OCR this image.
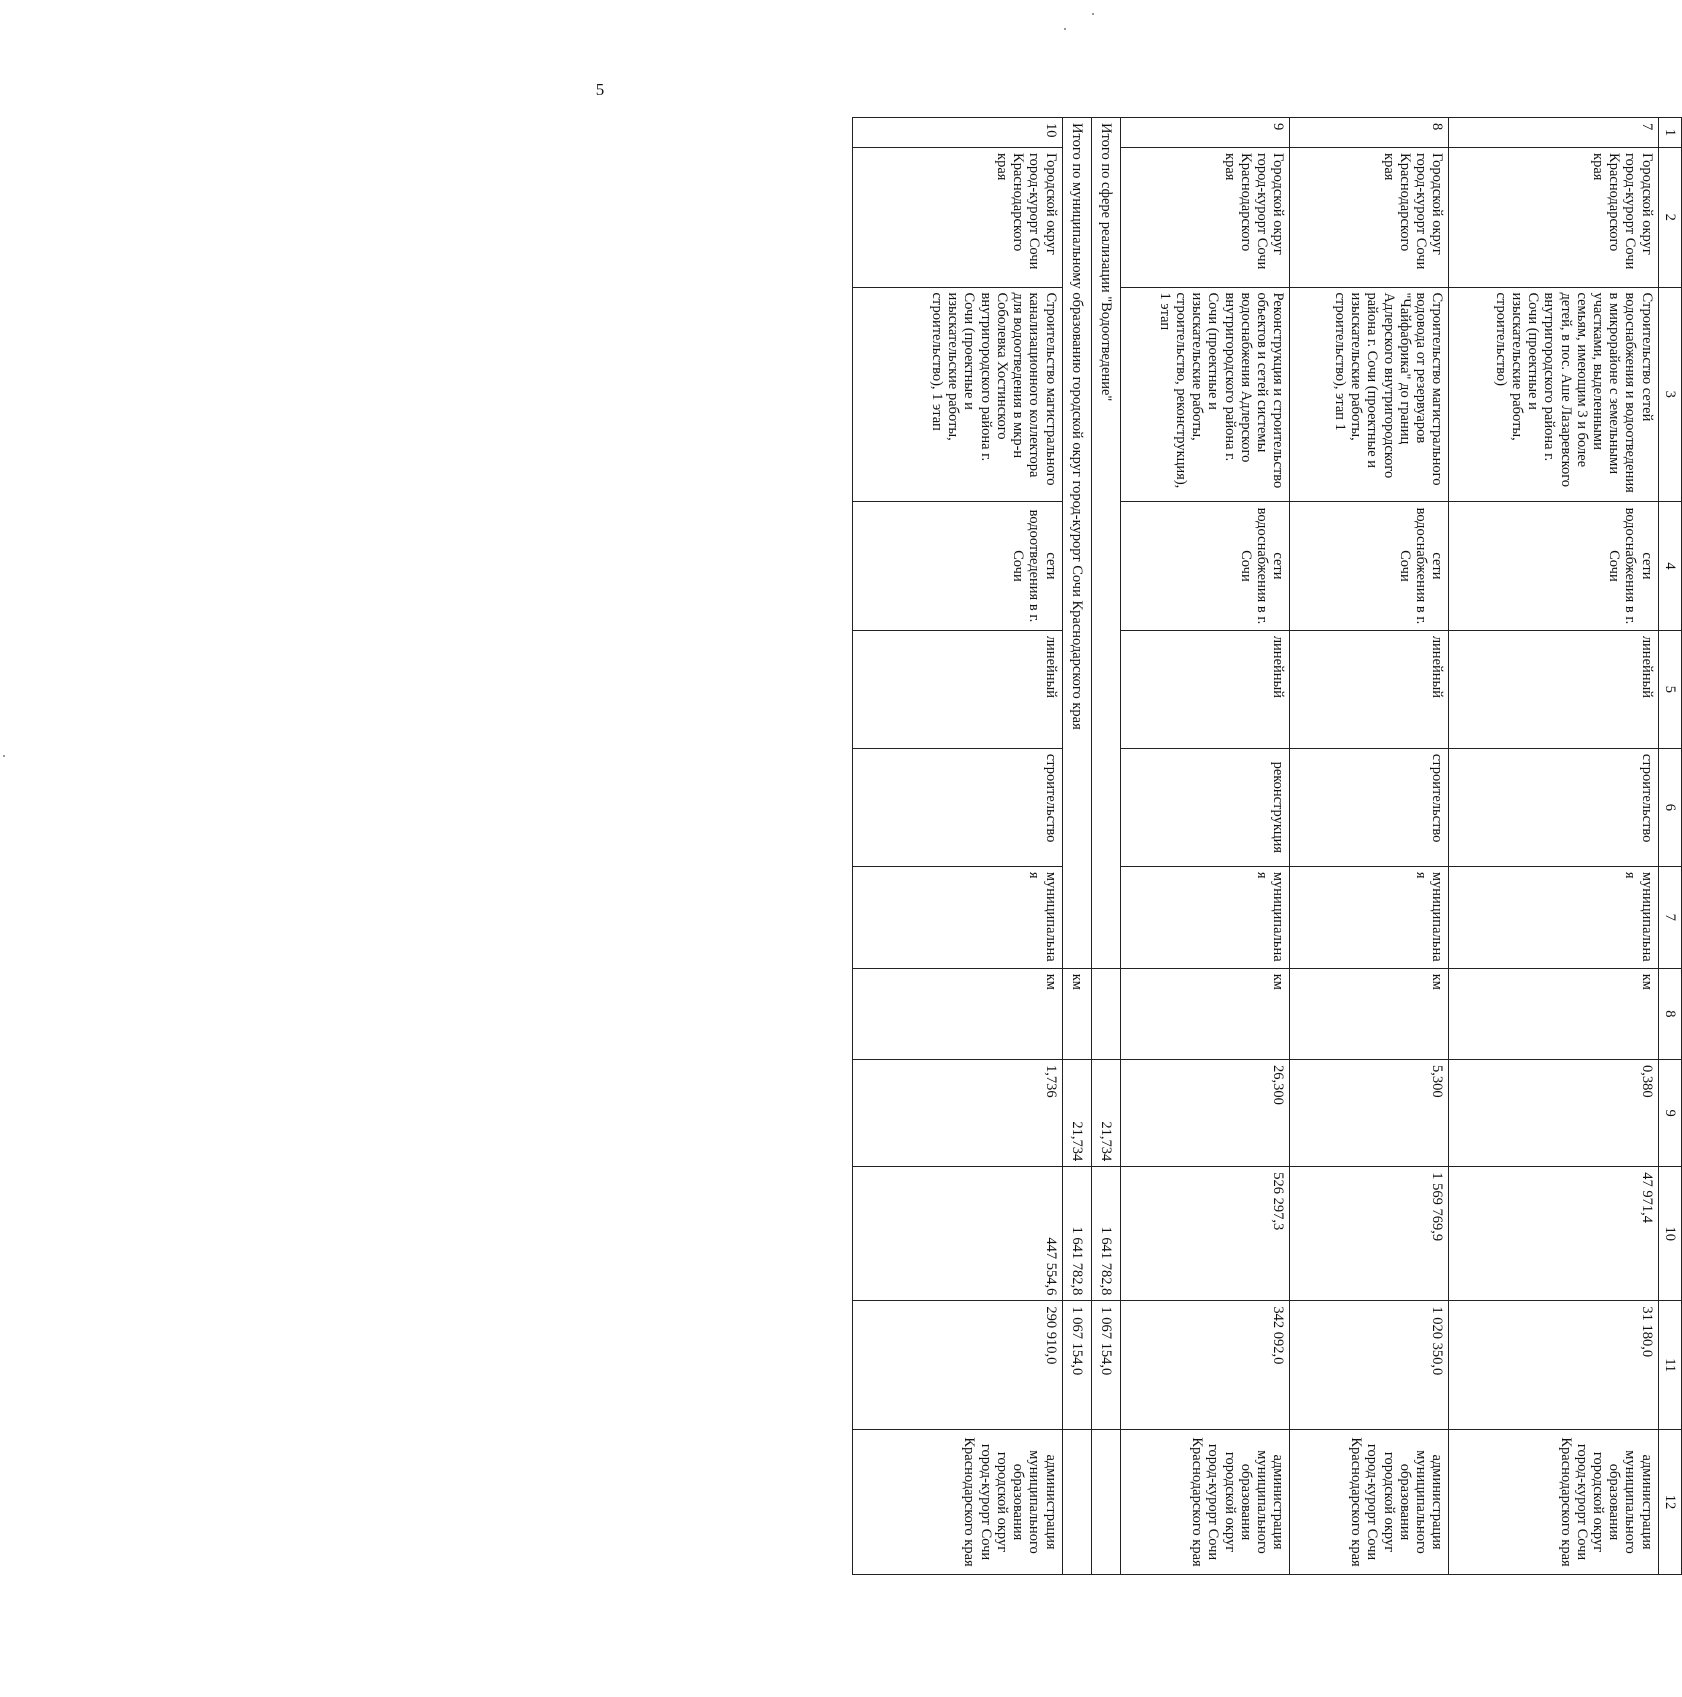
5
1	2	3	4	5	6	7	8	9	10	11	12
7	Городской округ город-курорт Сочи Краснодарского края	Строительство сетей водоснабжения и водоотведения в микрорайоне с земельными участками, выделенными семьям, имеющим 3 и более детей, в пос. Аше Лазаревского внутригородского района г. Сочи (проектные и изыскательские работы, строительство)	сети водоснабжения в г. Сочи	линейный	строительство	муниципальная	км	0,380	47 971,4	31 180,0	администрация муниципального образования городской округ город-курорт Сочи Краснодарского края
8	Городской округ город-курорт Сочи Краснодарского края	Строительство магистрального водовода от резервуаров "Чайфабрика" до границ Адлерского внутригородского района г. Сочи (проектные и изыскательские работы, строительство), этап 1	сети водоснабжения в г. Сочи	линейный	строительство	муниципальная	км	5,300	1 569 769,9	1 020 350,0	администрация муниципального образования городской округ город-курорт Сочи Краснодарского края
9	Городской округ город-курорт Сочи Краснодарского края	Реконструкция и строительство объектов и сетей системы водоснабжения Адлерского внутригородского района г. Сочи (проектные и изыскательские работы, строительство, реконструкция), 1 этап	сети водоснабжения в г. Сочи	линейный	реконструкция	муниципальная	км	26,300	526 297,3	342 092,0	администрация муниципального образования городской округ город-курорт Сочи Краснодарского края
Итого по сфере реализации "Водоотведение"								21,734	1 641 782,8	1 067 154,0	
Итого по муниципальному образованию городской округ город-курорт Сочи Краснодарского края							км	21,734	1 641 782,8	1 067 154,0	
10	Городской округ город-курорт Сочи Краснодарского края	Строительство магистрального канализационного коллектора для водоотведения в мкр-н Соболевка Хостинского внутригородского района г. Сочи (проектные и изыскательские работы, строительство), 1 этап	сети водоотведения в г. Сочи	линейный	строительство	муниципальная	км	1,736	447 554,6	290 910,0	администрация муниципального образования городской округ город-курорт Сочи Краснодарского края
